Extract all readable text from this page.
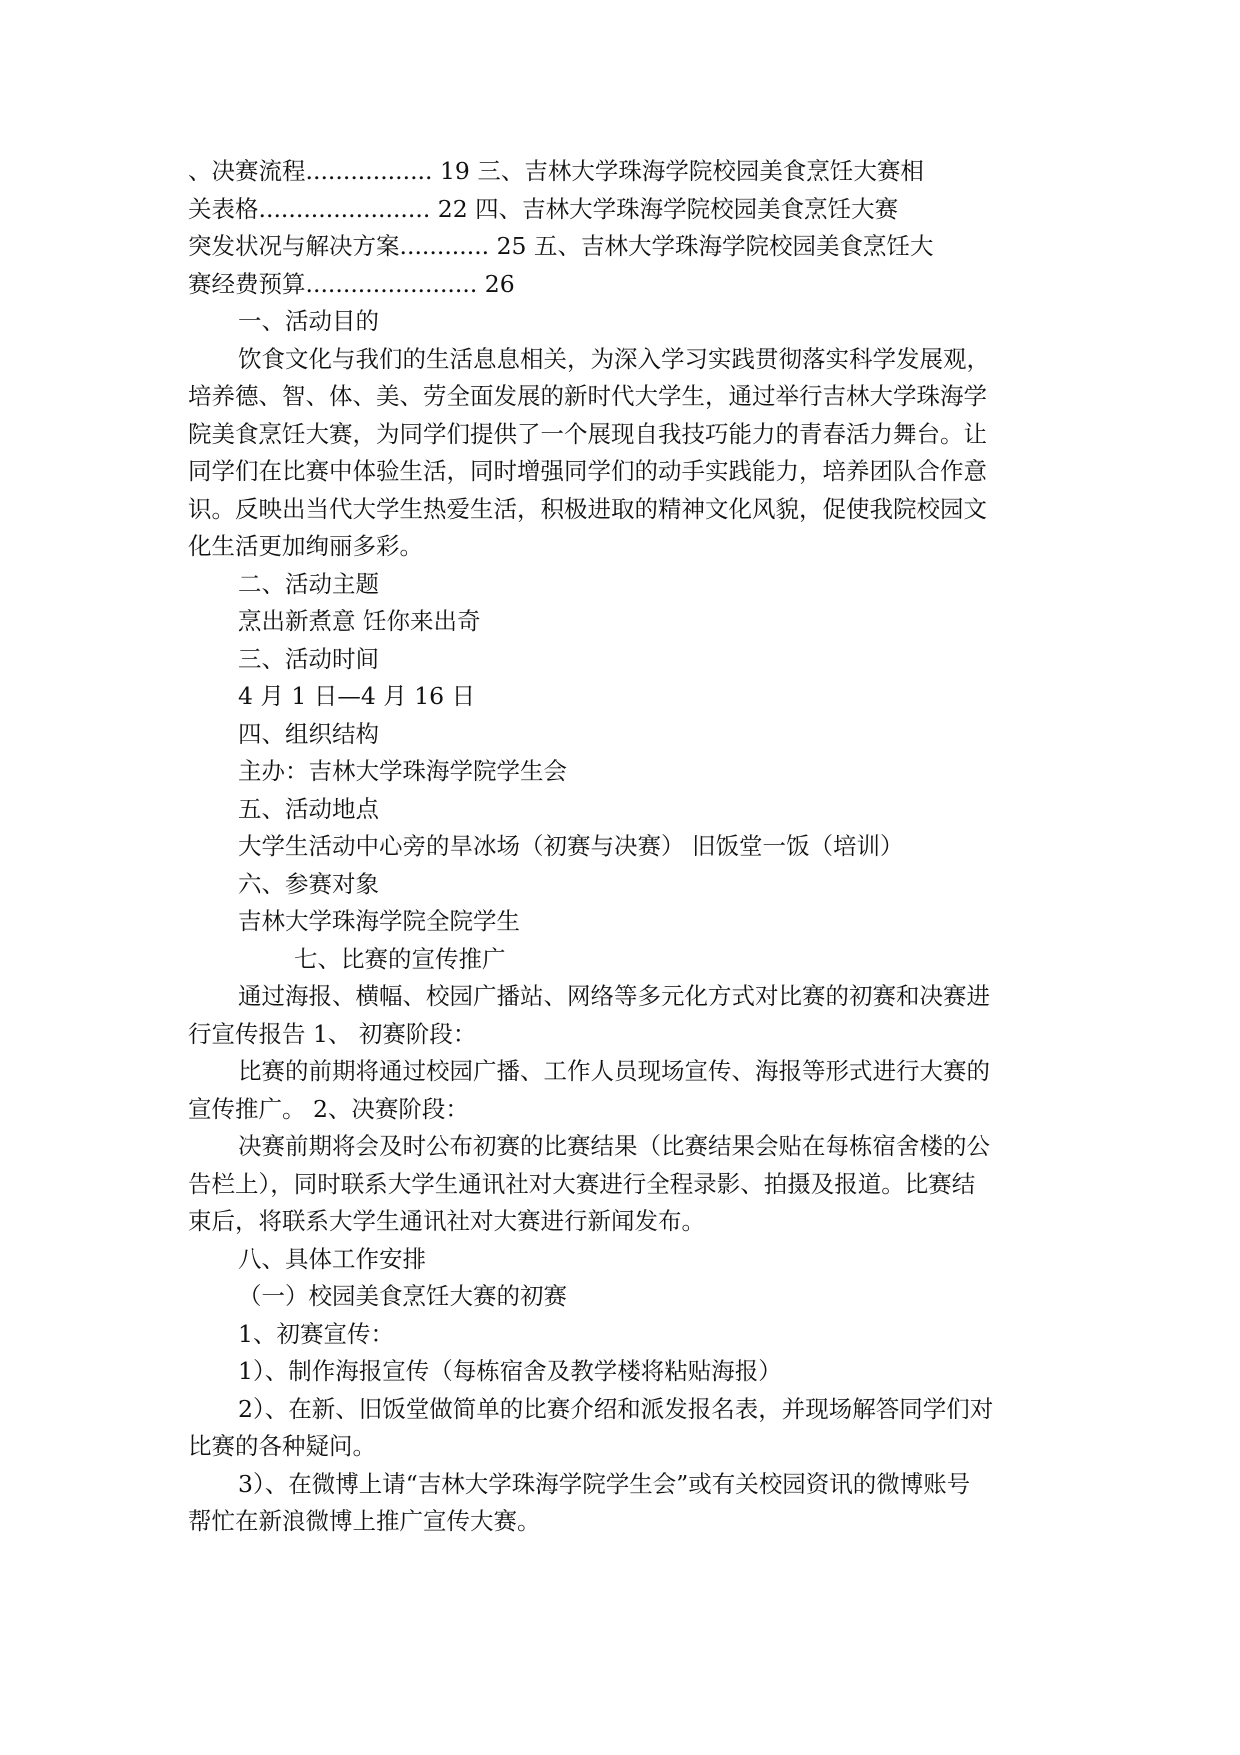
、决赛流程................. 19 三、吉林大学珠海学院校园美食烹饪大赛相
关表格....................... 22 四、吉林大学珠海学院校园美食烹饪大赛
突发状况与解决方案............ 25 五、吉林大学珠海学院校园美食烹饪大
赛经费预算....................... 26
一、活动目的
饮食文化与我们的生活息息相关，为深入学习实践贯彻落实科学发展观，
培养德、智、体、美、劳全面发展的新时代大学生，通过举行吉林大学珠海学
院美食烹饪大赛，为同学们提供了一个展现自我技巧能力的青春活力舞台。让
同学们在比赛中体验生活，同时增强同学们的动手实践能力，培养团队合作意
识。反映出当代大学生热爱生活，积极进取的精神文化风貌，促使我院校园文
化生活更加绚丽多彩。
二、活动主题
烹出新煮意 饪你来出奇
三、活动时间
4 月 1 日—4 月 16 日
四、组织结构
主办：吉林大学珠海学院学生会
五、活动地点
大学生活动中心旁的旱冰场（初赛与决赛） 旧饭堂一饭（培训）
六、参赛对象
吉林大学珠海学院全院学生
七、比赛的宣传推广
通过海报、横幅、校园广播站、网络等多元化方式对比赛的初赛和决赛进
行宣传报告 1、 初赛阶段：
比赛的前期将通过校园广播、工作人员现场宣传、海报等形式进行大赛的
宣传推广。 2、决赛阶段：
决赛前期将会及时公布初赛的比赛结果（比赛结果会贴在每栋宿舍楼的公
告栏上），同时联系大学生通讯社对大赛进行全程录影、拍摄及报道。比赛结
束后，将联系大学生通讯社对大赛进行新闻发布。
八、具体工作安排
（一）校园美食烹饪大赛的初赛
1、初赛宣传：
1）、制作海报宣传（每栋宿舍及教学楼将粘贴海报）
2）、在新、旧饭堂做简单的比赛介绍和派发报名表，并现场解答同学们对
比赛的各种疑问。
3）、在微博上请“吉林大学珠海学院学生会”或有关校园资讯的微博账号
帮忙在新浪微博上推广宣传大赛。
